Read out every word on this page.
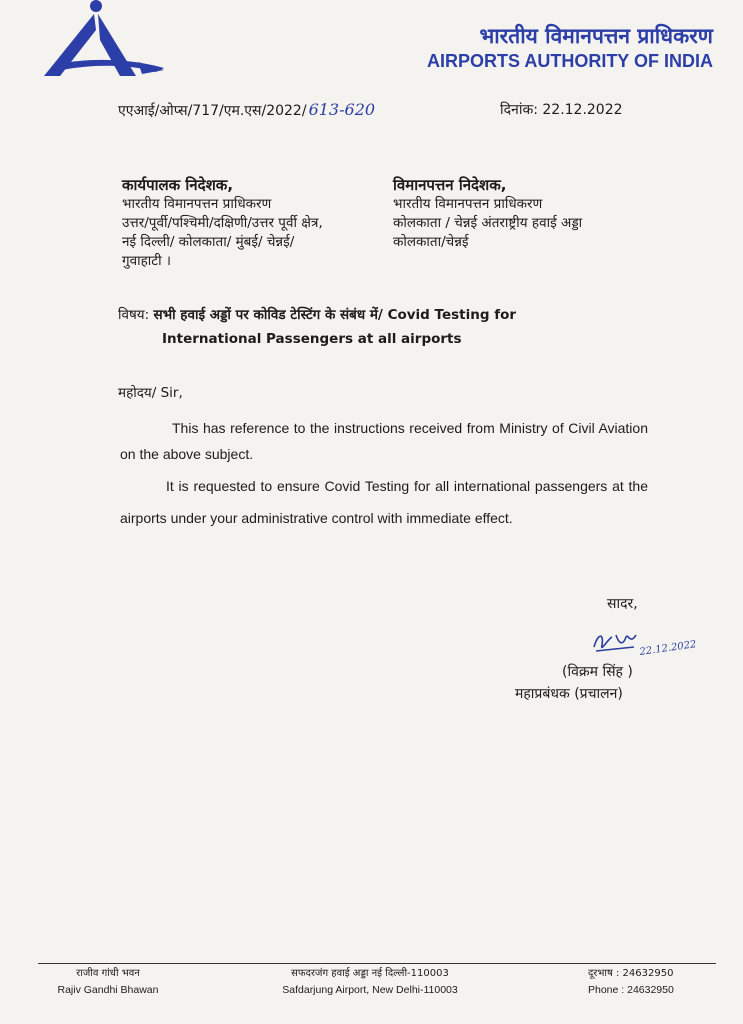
भारतीय विमानपत्तन प्राधिकरण
AIRPORTS AUTHORITY OF INDIA
एएआई/ओप्स/717/एम.एस/2022/ 613-620	दिनांक: 22.12.2022
कार्यपालक निदेशक,
भारतीय विमानपत्तन प्राधिकरण
उत्तर/पूर्वी/पश्चिमी/दक्षिणी/उत्तर पूर्वी क्षेत्र,
नई दिल्ली/ कोलकाता/ मुंबई/ चेन्नई/
गुवाहाटी ।
विमानपत्तन निदेशक,
भारतीय विमानपत्तन प्राधिकरण
कोलकाता / चेन्नई अंतराष्ट्रीय हवाई अड्डा
कोलकाता/चेन्नई
विषय: सभी हवाई अड्डों पर कोविड टेस्टिंग के संबंध में/ Covid Testing for
International Passengers at all airports
महोदय/ Sir,
This has reference to the instructions received from Ministry of Civil Aviation on the above subject.
It is requested to ensure Covid Testing for all international passengers at the airports under your administrative control with immediate effect.
सादर,
22.12.2022
(विक्रम सिंह )
महाप्रबंधक (प्रचालन)
राजीव गांधी भवन
Rajiv Gandhi Bhawan
सफदरजंग हवाई अड्डा नई दिल्ली-110003
Safdarjung Airport, New Delhi-110003
दूरभाष : 24632950
Phone : 24632950
